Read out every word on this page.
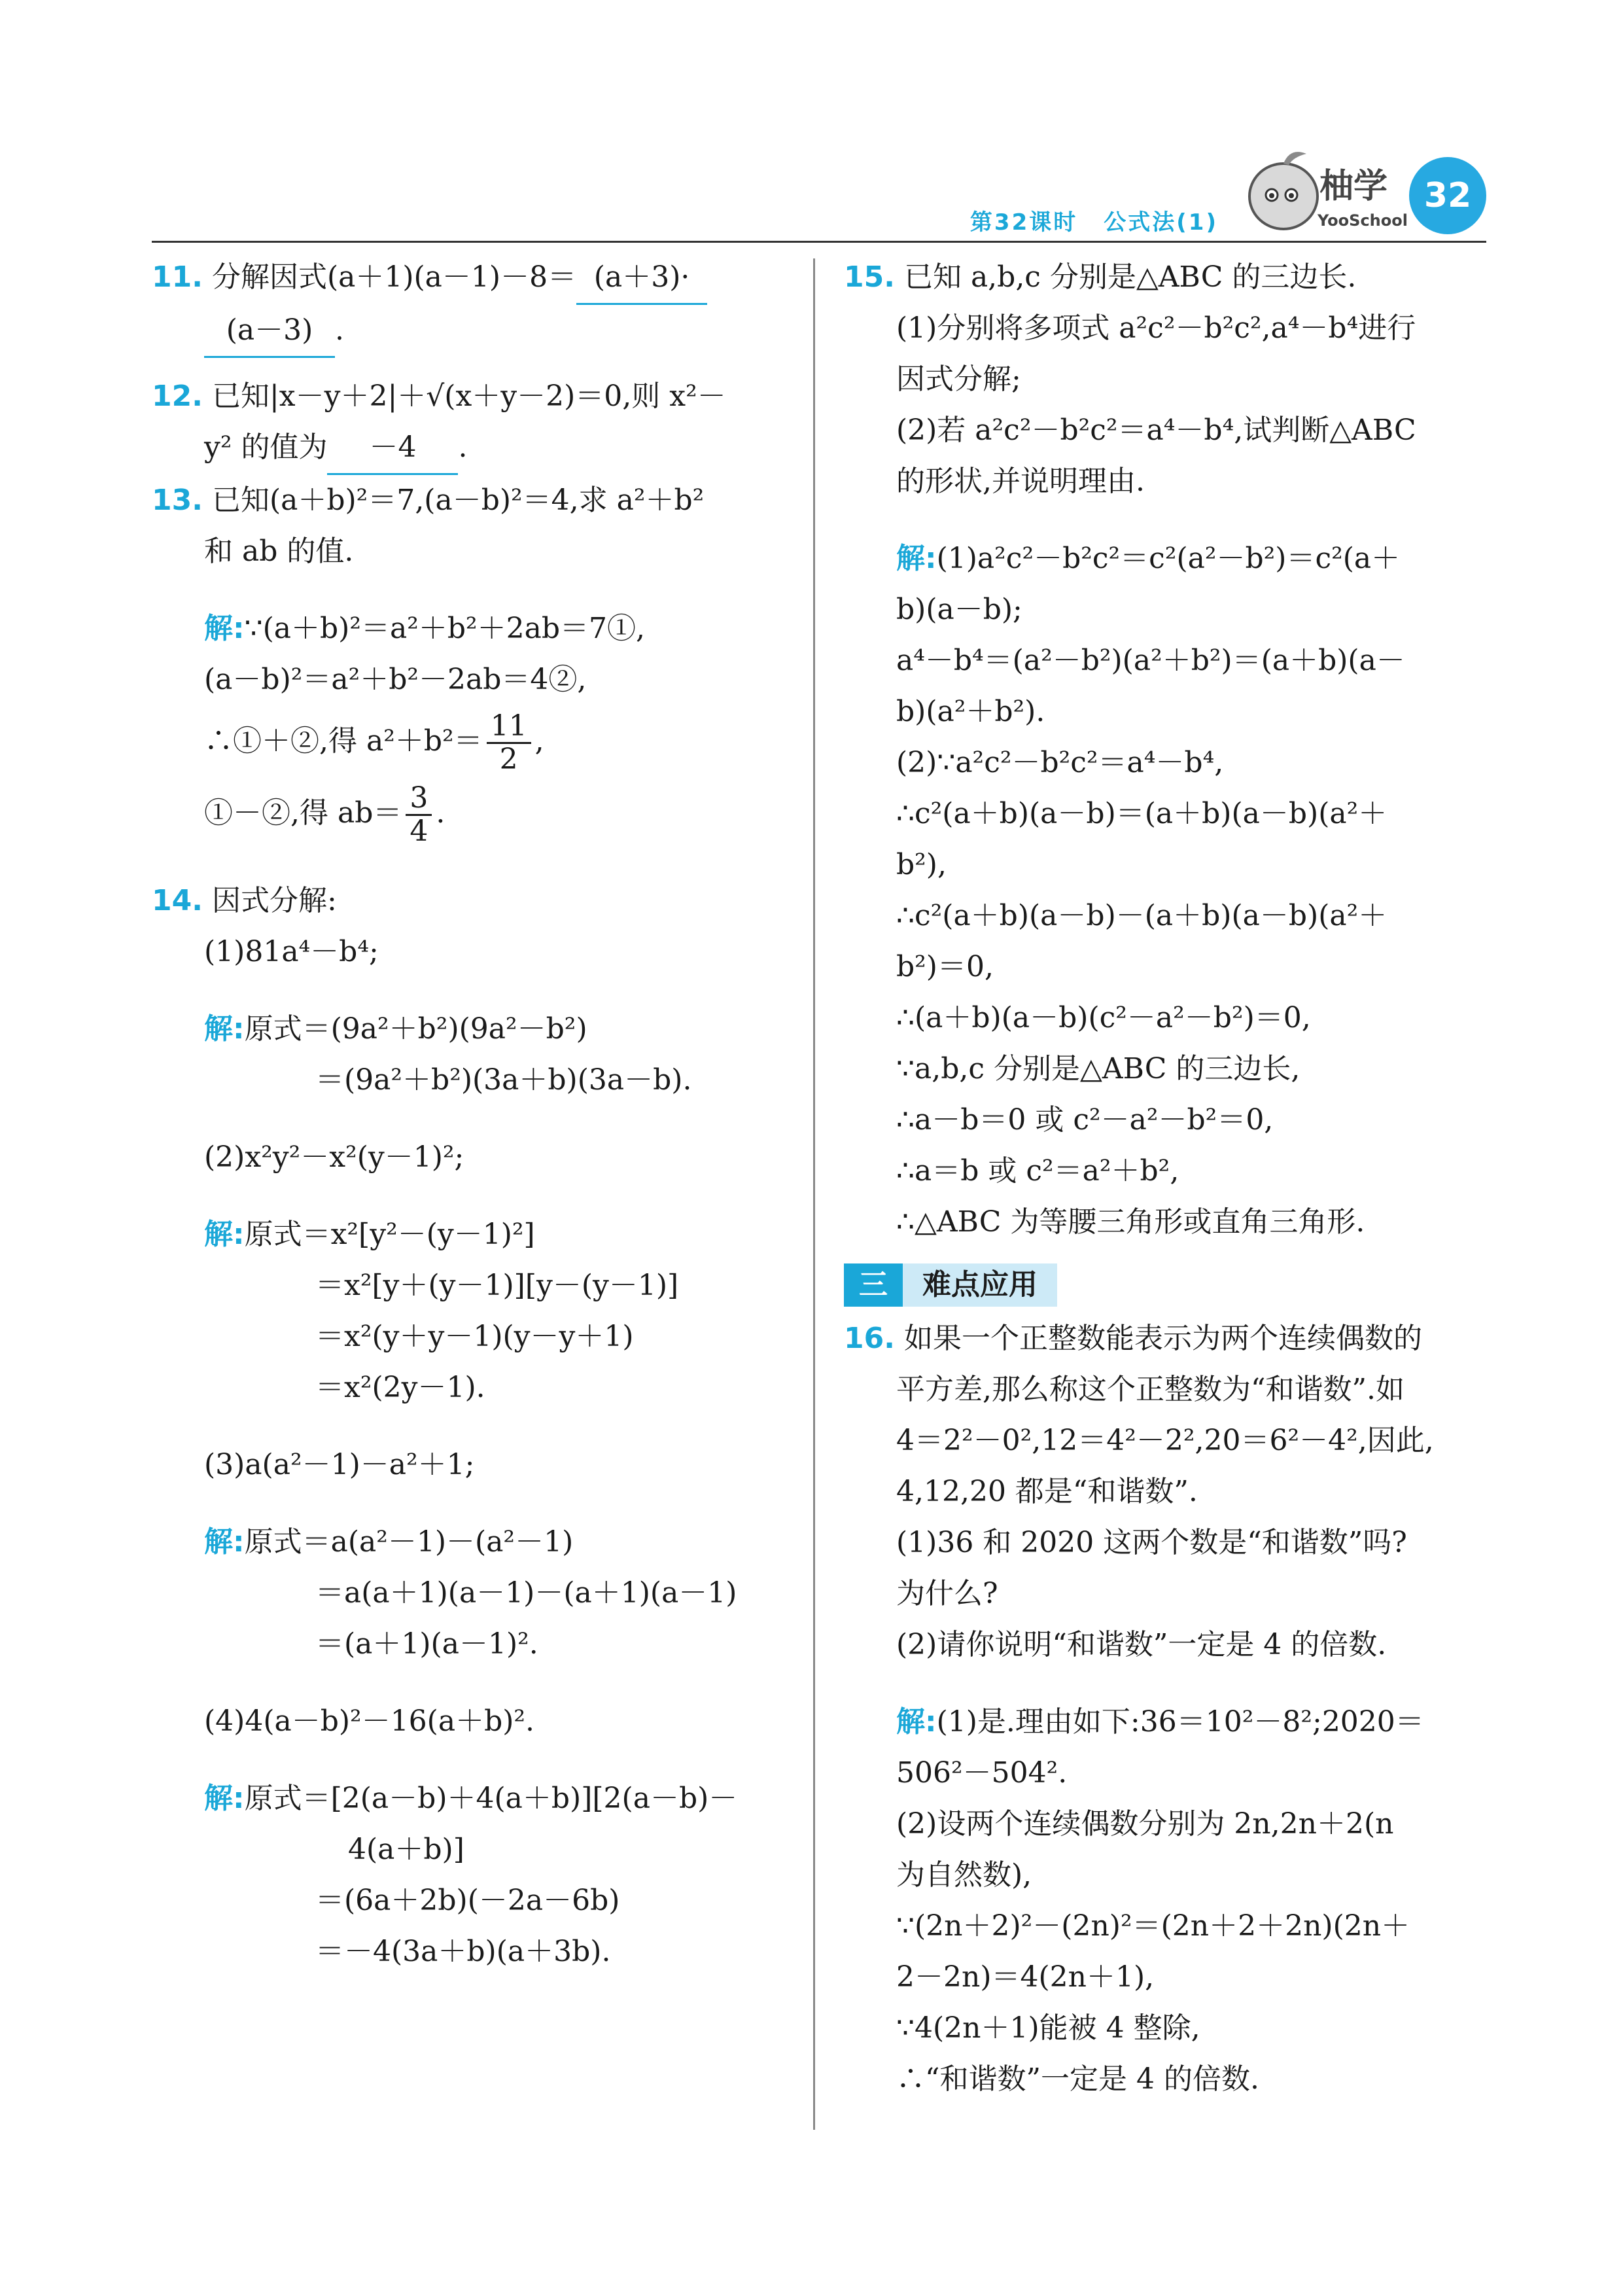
第32课时 公式法(1)
柚学
YooSchool
32
11. 分解因式(a＋1)(a－1)－8＝ (a＋3)·
(a－3) .
12. 已知|x－y＋2|＋√(x＋y－2)＝0,则 x²－
y² 的值为 －4 .
13. 已知(a＋b)²＝7,(a－b)²＝4,求 a²＋b²
和 ab 的值.
解:∵(a＋b)²＝a²＋b²＋2ab＝7①,
(a－b)²＝a²＋b²－2ab＝4②,
∴①＋②,得 $a^2+b^2= \frac{11}{2}$ ,
①－②,得 $ab= \frac{3}{4}$ .
14. 因式分解:
(1)81a⁴－b⁴;
解:原式＝(9a²＋b²)(9a²－b²)
＝(9a²＋b²)(3a＋b)(3a－b).
(2)x²y²－x²(y－1)²;
解:原式＝x²[y²－(y－1)²]
＝x²[y＋(y－1)][y－(y－1)]
＝x²(y＋y－1)(y－y＋1)
＝x²(2y－1).
(3)a(a²－1)－a²＋1;
解:原式＝a(a²－1)－(a²－1)
＝a(a＋1)(a－1)－(a＋1)(a－1)
＝(a＋1)(a－1)².
(4)4(a－b)²－16(a＋b)².
解:原式＝[2(a－b)＋4(a＋b)][2(a－b)－
4(a＋b)]
＝(6a＋2b)(－2a－6b)
＝－4(3a＋b)(a＋3b).
15. 已知 a,b,c 分别是△ABC 的三边长.
(1)分别将多项式 a²c²－b²c²,a⁴－b⁴进行
因式分解;
(2)若 a²c²－b²c²＝a⁴－b⁴,试判断△ABC
的形状,并说明理由.
解:(1)a²c²－b²c²＝c²(a²－b²)＝c²(a＋
b)(a－b);
a⁴－b⁴＝(a²－b²)(a²＋b²)＝(a＋b)(a－
b)(a²＋b²).
(2)∵a²c²－b²c²＝a⁴－b⁴,
∴c²(a＋b)(a－b)＝(a＋b)(a－b)(a²＋
b²),
∴c²(a＋b)(a－b)－(a＋b)(a－b)(a²＋
b²)＝0,
∴(a＋b)(a－b)(c²－a²－b²)＝0,
∵a,b,c 分别是△ABC 的三边长,
∴a－b＝0 或 c²－a²－b²＝0,
∴a＝b 或 c²＝a²＋b²,
∴△ABC 为等腰三角形或直角三角形.
三	难点应用
16. 如果一个正整数能表示为两个连续偶数的
平方差,那么称这个正整数为“和谐数”.如
4＝2²－0²,12＝4²－2²,20＝6²－4²,因此,
4,12,20 都是“和谐数”.
(1)36 和 2020 这两个数是“和谐数”吗?
为什么?
(2)请你说明“和谐数”一定是 4 的倍数.
解:(1)是.理由如下:36＝10²－8²;2020＝
506²－504².
(2)设两个连续偶数分别为 2n,2n＋2(n
为自然数),
∵(2n＋2)²－(2n)²＝(2n＋2＋2n)(2n＋
2－2n)＝4(2n＋1),
∵4(2n＋1)能被 4 整除,
∴“和谐数”一定是 4 的倍数.
